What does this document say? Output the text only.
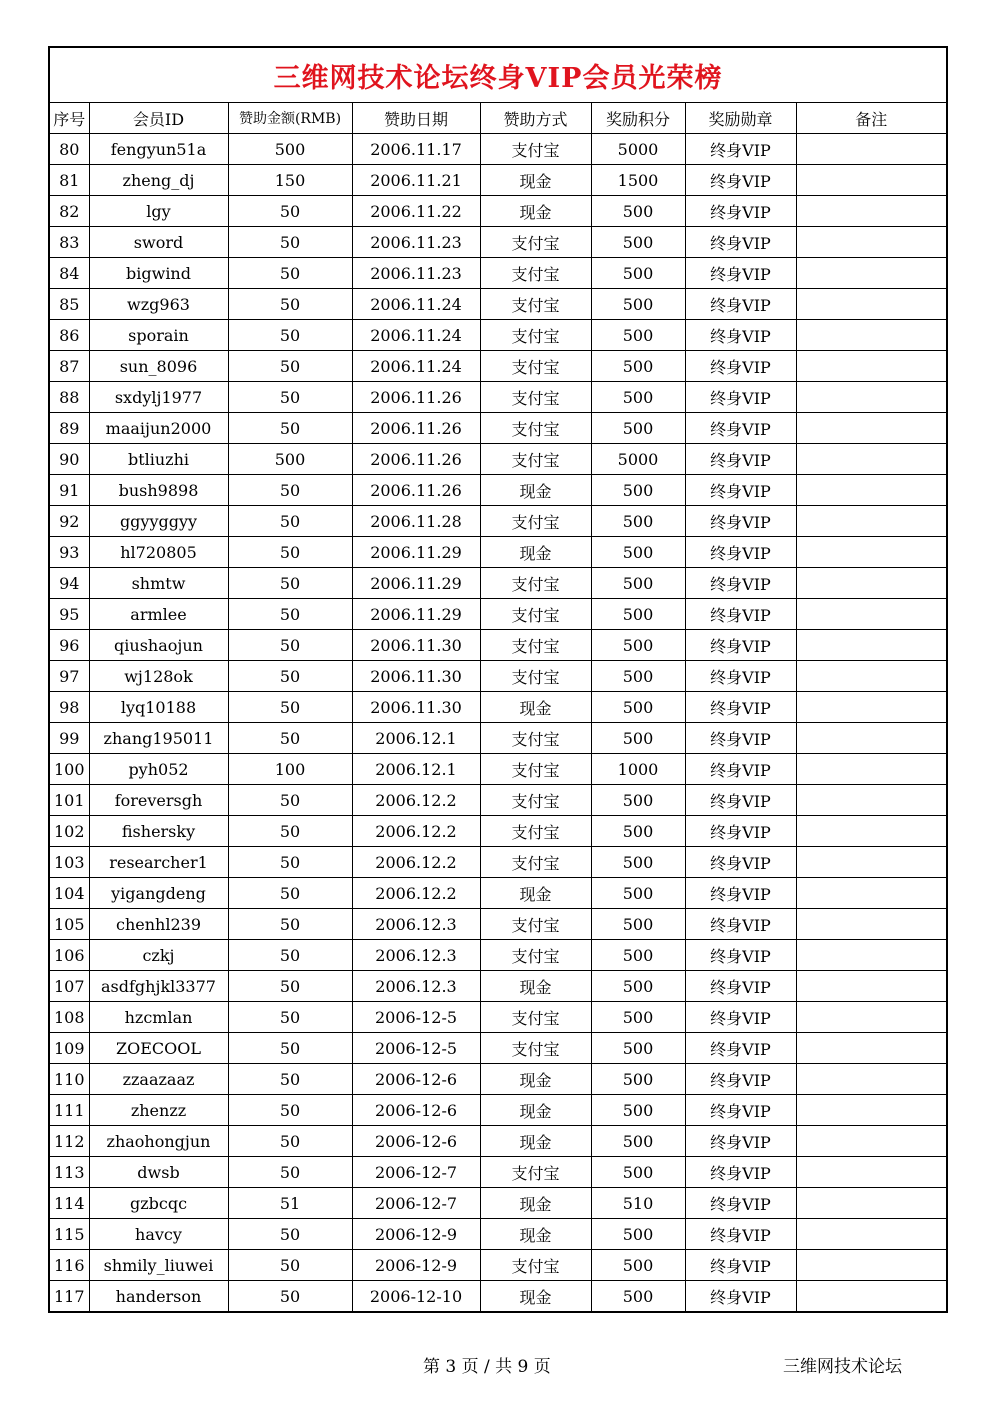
三维网技术论坛终身VIP会员光荣榜							
序号	会员ID	赞助金额(RMB)	赞助日期	赞助方式	奖励积分	奖励勋章	备注
80	fengyun51a	500	2006.11.17	支付宝	5000	终身VIP	
81	zheng_dj	150	2006.11.21	现金	1500	终身VIP	
82	lgy	50	2006.11.22	现金	500	终身VIP	
83	sword	50	2006.11.23	支付宝	500	终身VIP	
84	bigwind	50	2006.11.23	支付宝	500	终身VIP	
85	wzg963	50	2006.11.24	支付宝	500	终身VIP	
86	sporain	50	2006.11.24	支付宝	500	终身VIP	
87	sun_8096	50	2006.11.24	支付宝	500	终身VIP	
88	sxdylj1977	50	2006.11.26	支付宝	500	终身VIP	
89	maaijun2000	50	2006.11.26	支付宝	500	终身VIP	
90	btliuzhi	500	2006.11.26	支付宝	5000	终身VIP	
91	bush9898	50	2006.11.26	现金	500	终身VIP	
92	ggyyggyy	50	2006.11.28	支付宝	500	终身VIP	
93	hl720805	50	2006.11.29	现金	500	终身VIP	
94	shmtw	50	2006.11.29	支付宝	500	终身VIP	
95	armlee	50	2006.11.29	支付宝	500	终身VIP	
96	qiushaojun	50	2006.11.30	支付宝	500	终身VIP	
97	wj128ok	50	2006.11.30	支付宝	500	终身VIP	
98	lyq10188	50	2006.11.30	现金	500	终身VIP	
99	zhang195011	50	2006.12.1	支付宝	500	终身VIP	
100	pyh052	100	2006.12.1	支付宝	1000	终身VIP	
101	foreversgh	50	2006.12.2	支付宝	500	终身VIP	
102	fishersky	50	2006.12.2	支付宝	500	终身VIP	
103	researcher1	50	2006.12.2	支付宝	500	终身VIP	
104	yigangdeng	50	2006.12.2	现金	500	终身VIP	
105	chenhl239	50	2006.12.3	支付宝	500	终身VIP	
106	czkj	50	2006.12.3	支付宝	500	终身VIP	
107	asdfghjkl3377	50	2006.12.3	现金	500	终身VIP	
108	hzcmlan	50	2006-12-5	支付宝	500	终身VIP	
109	ZOECOOL	50	2006-12-5	支付宝	500	终身VIP	
110	zzaazaaz	50	2006-12-6	现金	500	终身VIP	
111	zhenzz	50	2006-12-6	现金	500	终身VIP	
112	zhaohongjun	50	2006-12-6	现金	500	终身VIP	
113	dwsb	50	2006-12-7	支付宝	500	终身VIP	
114	gzbcqc	51	2006-12-7	现金	510	终身VIP	
115	havcy	50	2006-12-9	现金	500	终身VIP	
116	shmily_liuwei	50	2006-12-9	支付宝	500	终身VIP	
117	handerson	50	2006-12-10	现金	500	终身VIP	
第 3 页 / 共 9 页	三维网技术论坛
